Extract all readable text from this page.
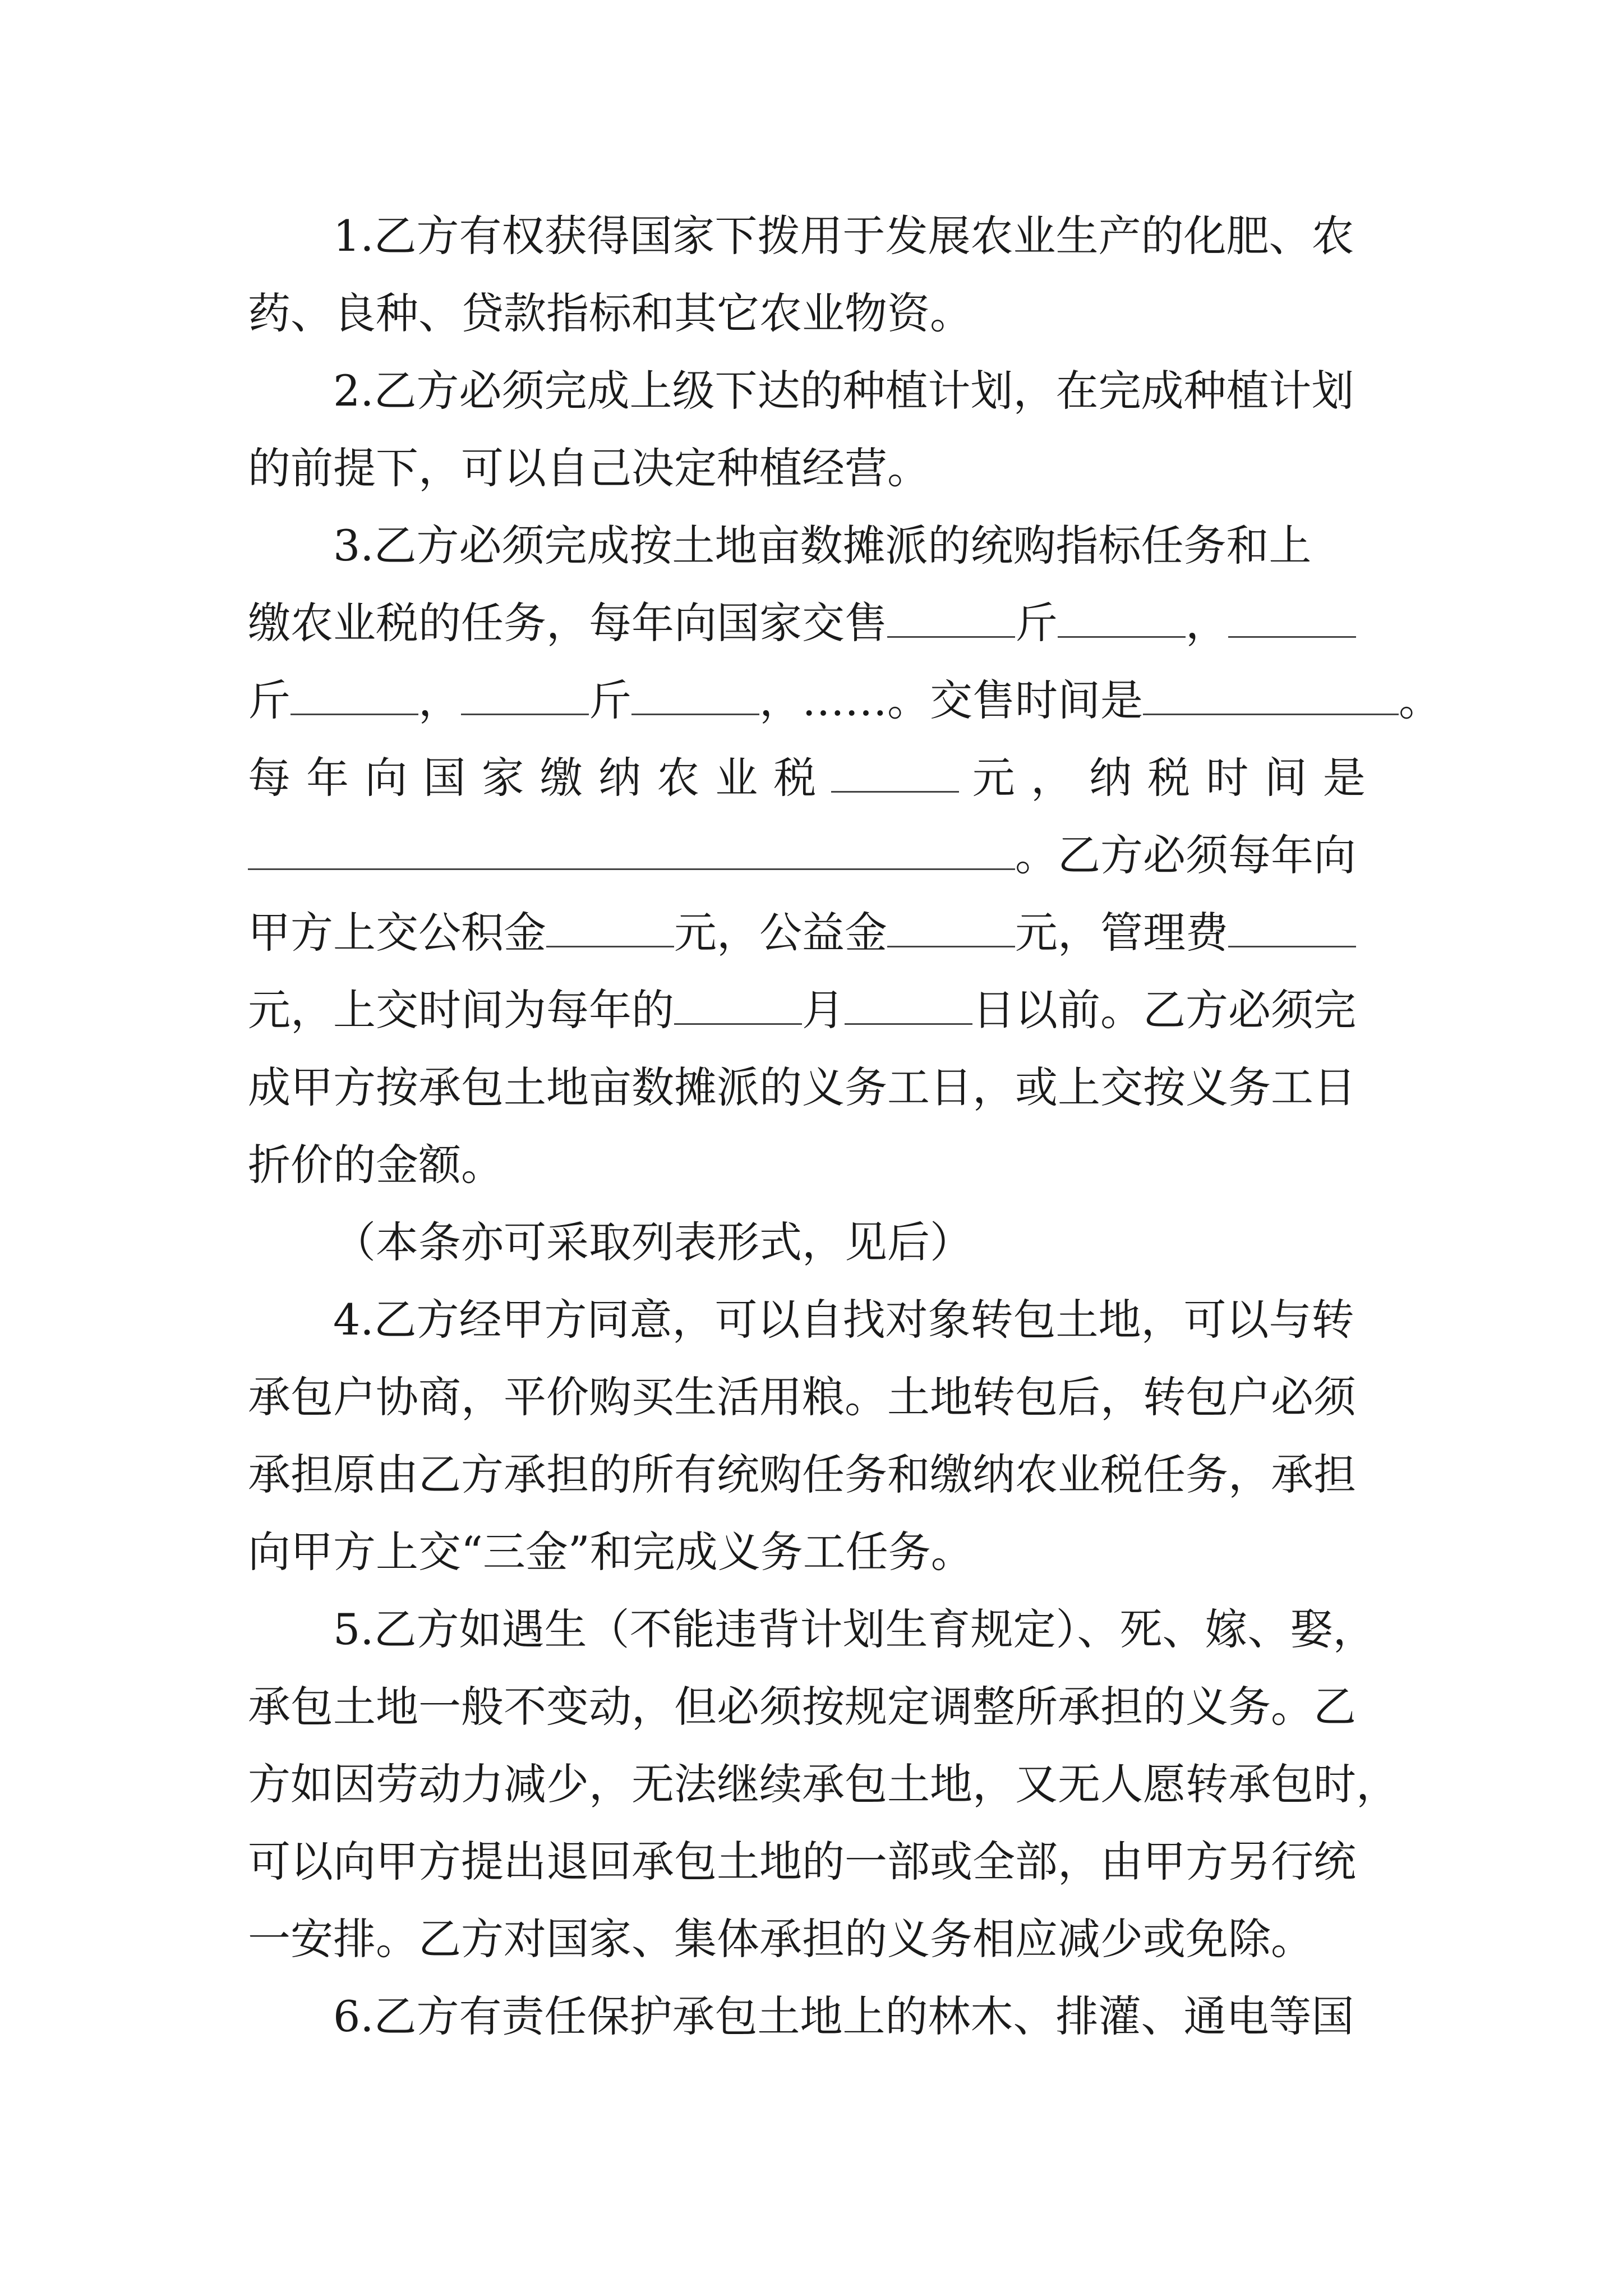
1.乙方有权获得国家下拨用于发展农业生产的化肥、农
药、良种、贷款指标和其它农业物资。
2.乙方必须完成上级下达的种植计划，在完成种植计划
的前提下，可以自己决定种植经营。
3.乙方必须完成按土地亩数摊派的统购指标任务和上
缴农业税的任务，每年向国家交售	斤	，
斤	，	斤	，……。交售时间是	。
每 年 向 国 家 缴 纳 农 业 税	元 ， 纳 税 时 间 是
。乙方必须每年向
甲方上交公积金	元，公益金	元，管理费
元，上交时间为每年的	月	日以前。乙方必须完
成甲方按承包土地亩数摊派的义务工日，或上交按义务工日
折价的金额。
（本条亦可采取列表形式，见后）
4.乙方经甲方同意，可以自找对象转包土地，可以与转
承包户协商，平价购买生活用粮。土地转包后，转包户必须
承担原由乙方承担的所有统购任务和缴纳农业税任务，承担
向甲方上交“三金”和完成义务工任务。
5.乙方如遇生（不能违背计划生育规定）、死、嫁、娶，
承包土地一般不变动，但必须按规定调整所承担的义务。乙
方如因劳动力减少，无法继续承包土地，又无人愿转承包时，
可以向甲方提出退回承包土地的一部或全部，由甲方另行统
一安排。乙方对国家、集体承担的义务相应减少或免除。
6.乙方有责任保护承包土地上的林木、排灌、通电等国
